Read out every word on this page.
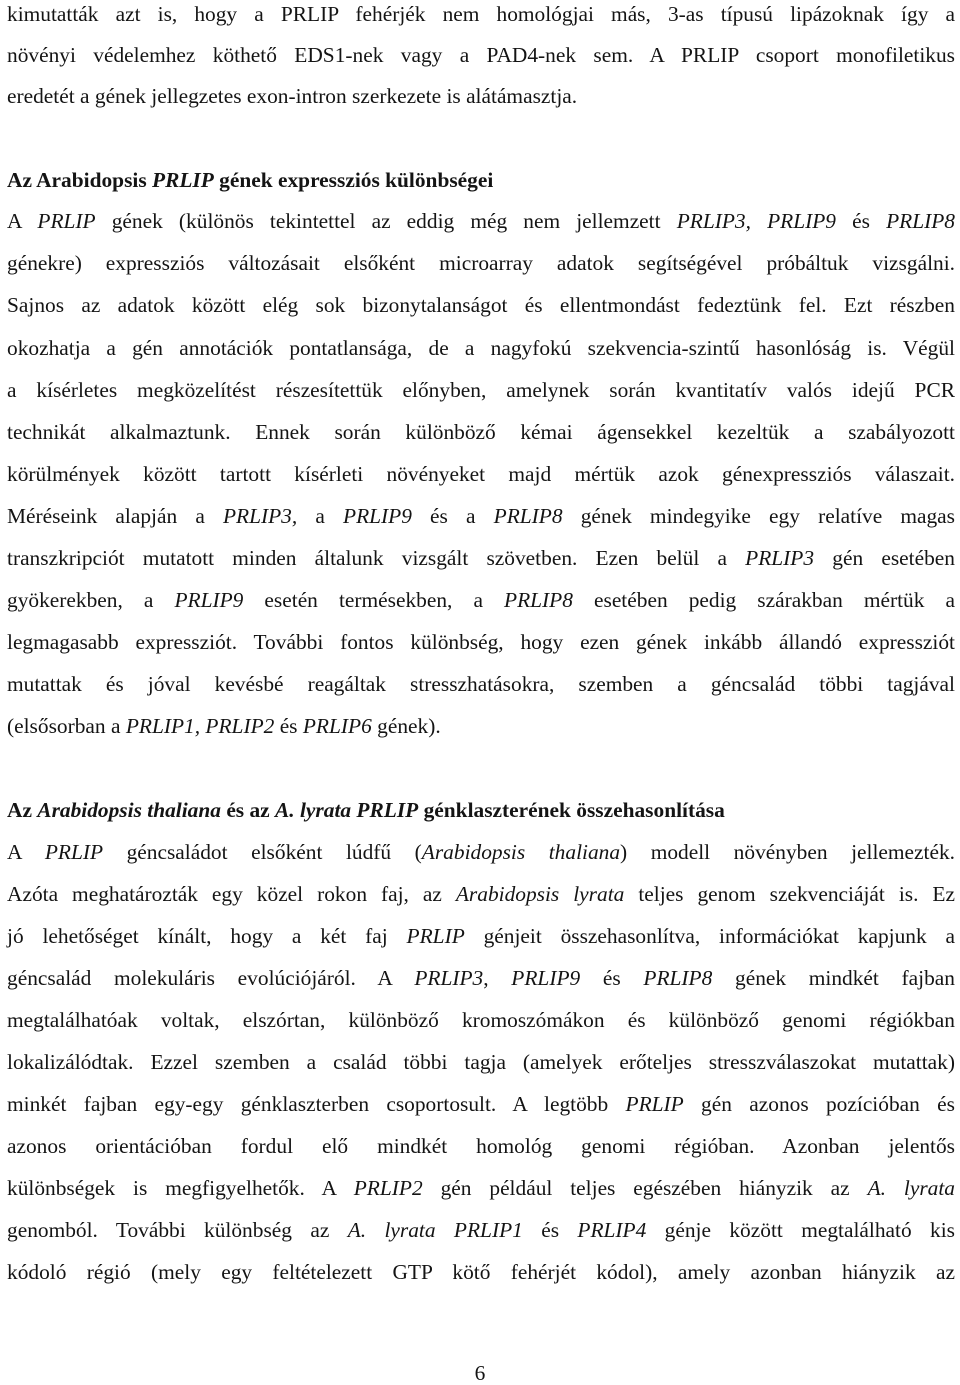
kimutatták azt is, hogy a PRLIP fehérjék nem homológjai más, 3-as típusú lipázoknak így a
növényi védelemhez köthető EDS1-nek vagy a PAD4-nek sem. A PRLIP csoport monofiletikus
eredetét a gének jellegzetes exon-intron szerkezete is alátámasztja.
Az Arabidopsis PRLIP gének expressziós különbségei
A PRLIP gének (különös tekintettel az eddig még nem jellemzett PRLIP3, PRLIP9 és PRLIP8
génekre) expressziós változásait elsőként microarray adatok segítségével próbáltuk vizsgálni.
Sajnos az adatok között elég sok bizonytalanságot és ellentmondást fedeztünk fel. Ezt részben
okozhatja a gén annotációk pontatlansága, de a nagyfokú szekvencia-szintű hasonlóság is. Végül
a kísérletes megközelítést részesítettük előnyben, amelynek során kvantitatív valós idejű PCR
technikát alkalmaztunk. Ennek során különböző kémai ágensekkel kezeltük a szabályozott
körülmények között tartott kísérleti növényeket majd mértük azok génexpressziós válaszait.
Méréseink alapján a PRLIP3, a PRLIP9 és a PRLIP8 gének mindegyike egy relatíve magas
transzkripciót mutatott minden általunk vizsgált szövetben. Ezen belül a PRLIP3 gén esetében
gyökerekben, a PRLIP9 esetén termésekben, a PRLIP8 esetében pedig szárakban mértük a
legmagasabb expressziót. További fontos különbség, hogy ezen gének inkább állandó expressziót
mutattak és jóval kevésbé reagáltak stresszhatásokra, szemben a géncsalád többi tagjával
(elsősorban a PRLIP1, PRLIP2 és PRLIP6 gének).
Az Arabidopsis thaliana és az A. lyrata PRLIP génklaszterének összehasonlítása
A PRLIP géncsaládot elsőként lúdfű (Arabidopsis thaliana) modell növényben jellemezték.
Azóta meghatározták egy közel rokon faj, az Arabidopsis lyrata teljes genom szekvenciáját is. Ez
jó lehetőséget kínált, hogy a két faj PRLIP génjeit összehasonlítva, információkat kapjunk a
géncsalád molekuláris evolúciójáról. A PRLIP3, PRLIP9 és PRLIP8 gének mindkét fajban
megtalálhatóak voltak, elszórtan, különböző kromoszómákon és különböző genomi régiókban
lokalizálódtak. Ezzel szemben a család többi tagja (amelyek erőteljes stresszválaszokat mutattak)
minkét fajban egy-egy génklaszterben csoportosult. A legtöbb PRLIP gén azonos pozícióban és
azonos orientációban fordul elő mindkét homológ genomi régióban. Azonban jelentős
különbségek is megfigyelhetők. A PRLIP2 gén például teljes egészében hiányzik az A. lyrata
genomból. További különbség az A. lyrata PRLIP1 és PRLIP4 génje között megtalálható kis
kódoló régió (mely egy feltételezett GTP kötő fehérjét kódol), amely azonban hiányzik az
6
